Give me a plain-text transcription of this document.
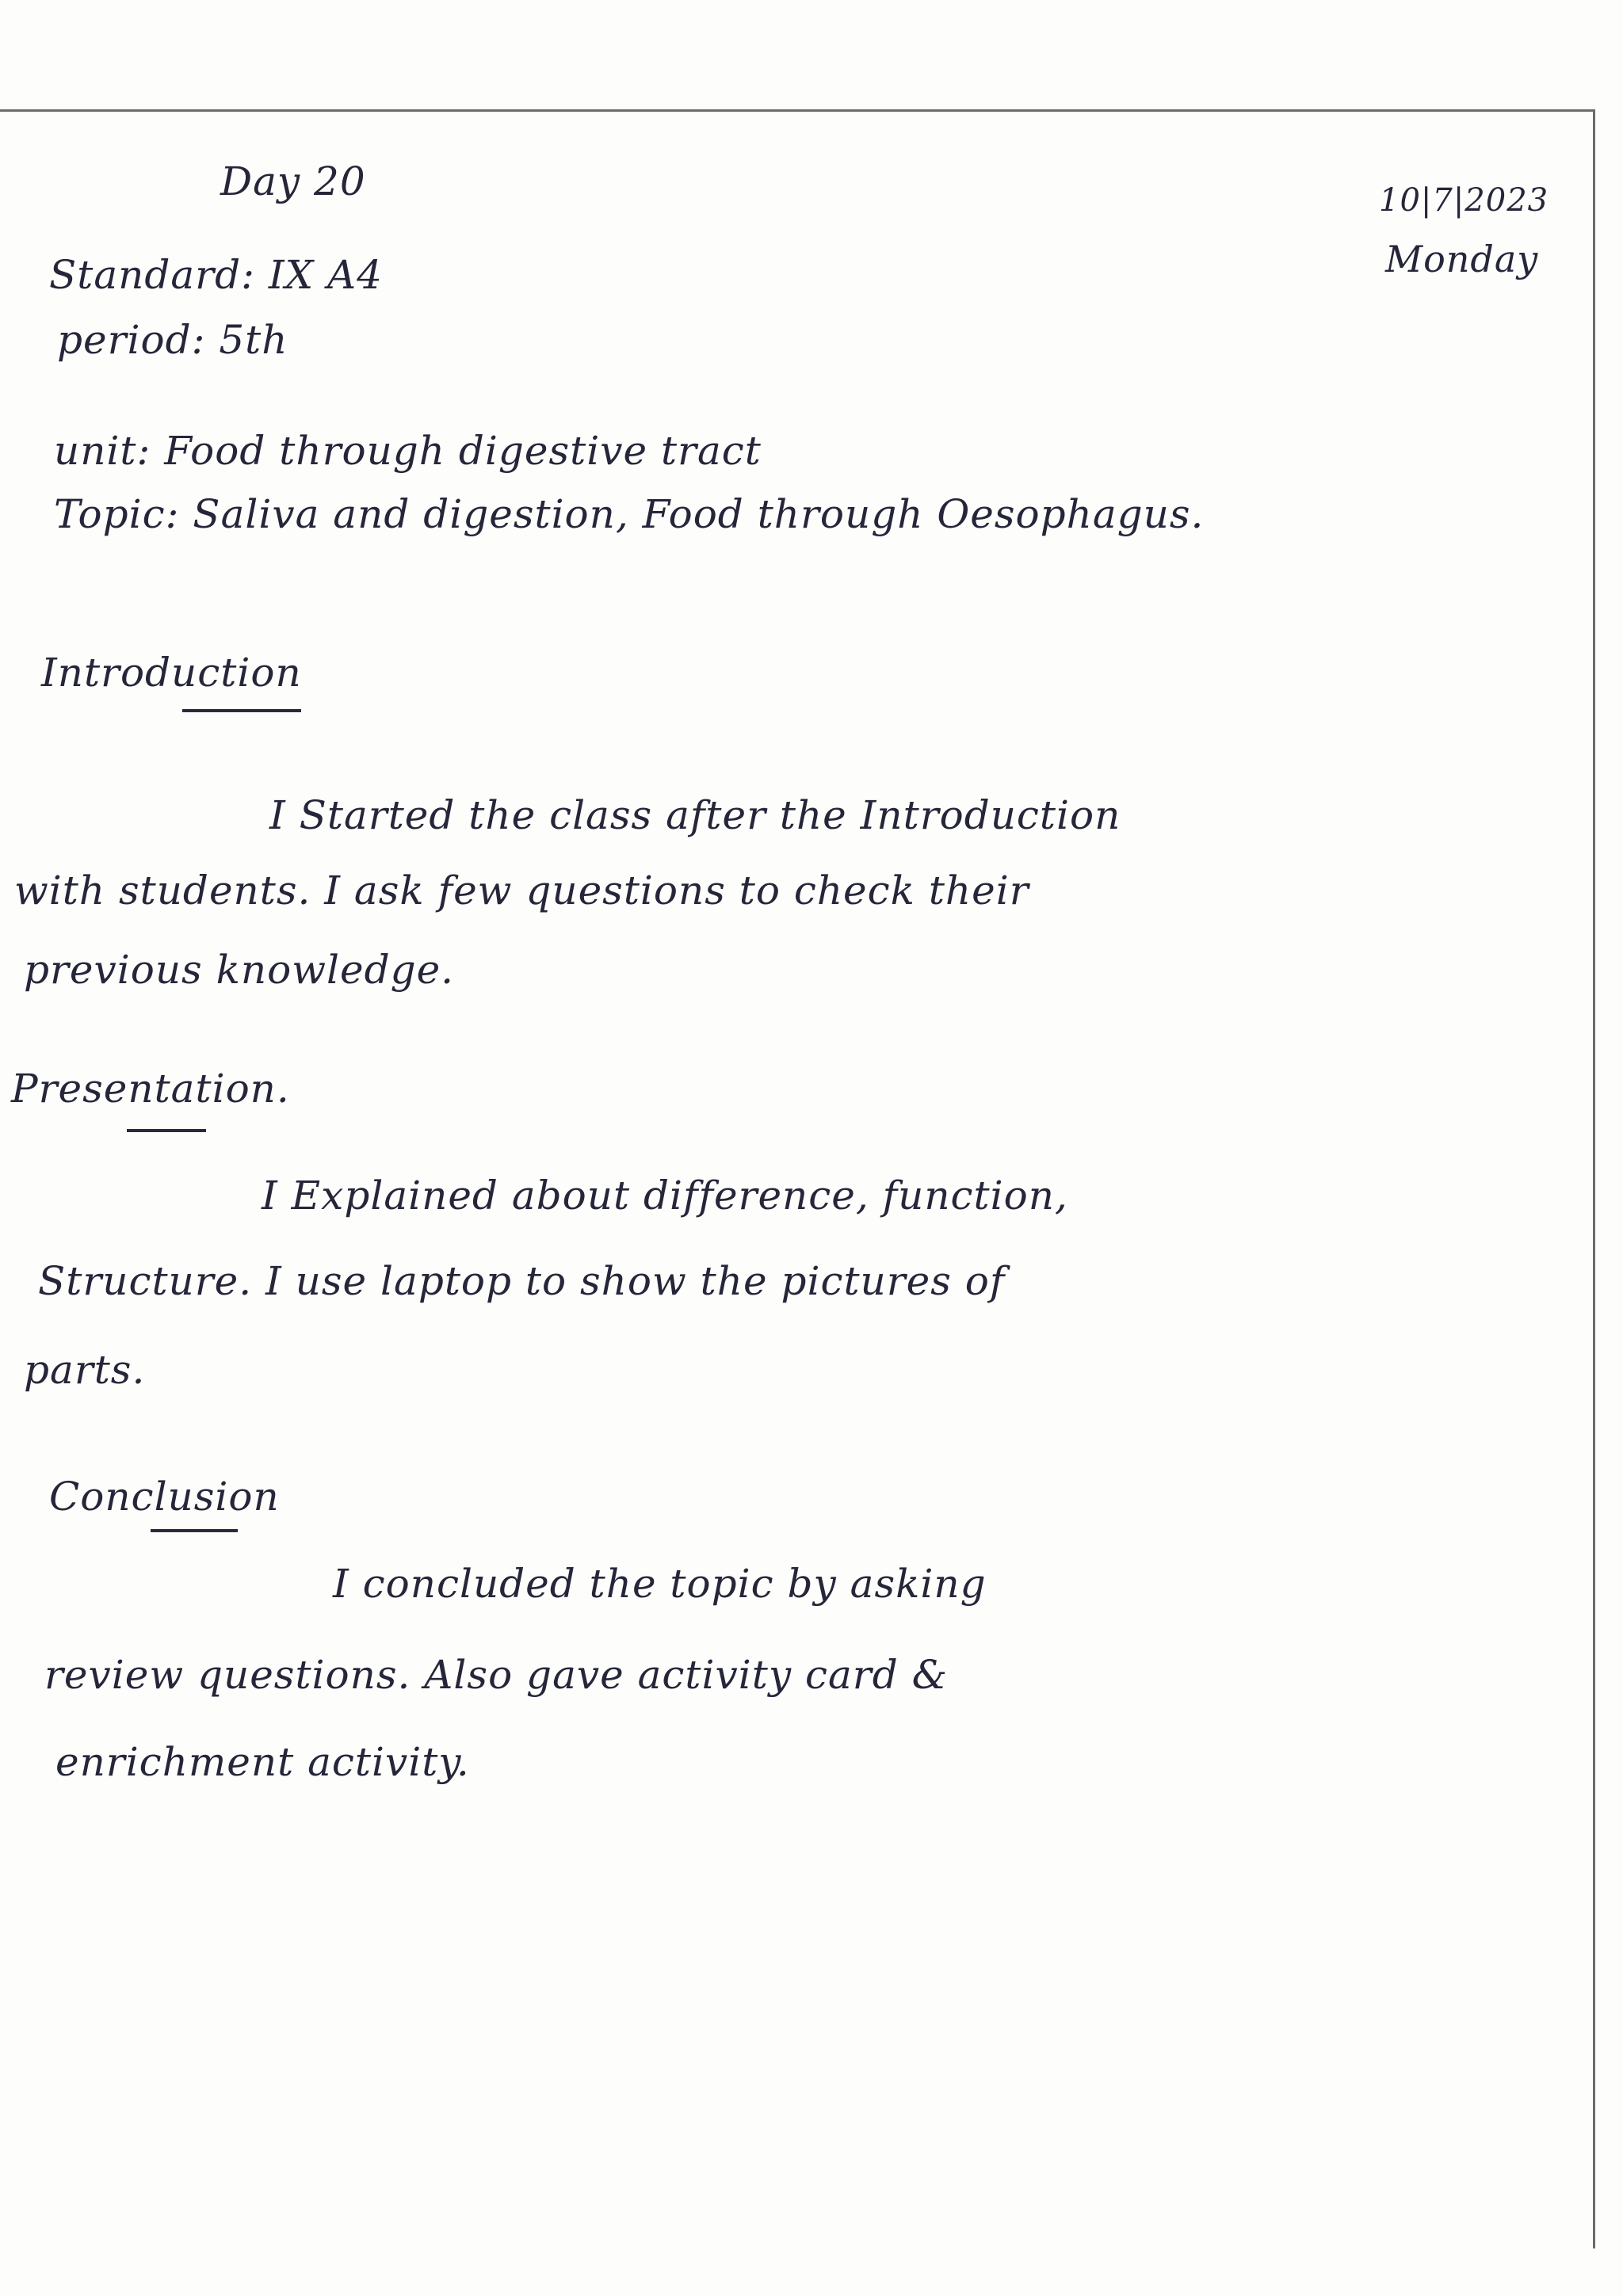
Day 20	10|7|2023
Monday
Standard: IX A4
period: 5th
unit: Food through digestive tract
Topic: Saliva and digestion, Food through Oesophagus.
Introduction
I Started the class after the Introduction
with students. I ask few questions to check their
previous knowledge.
Presentation.
I Explained about difference, function,
Structure. I use laptop to show the pictures of
parts.
Conclusion
I concluded the topic by asking
review questions. Also gave activity card &
enrichment activity.
